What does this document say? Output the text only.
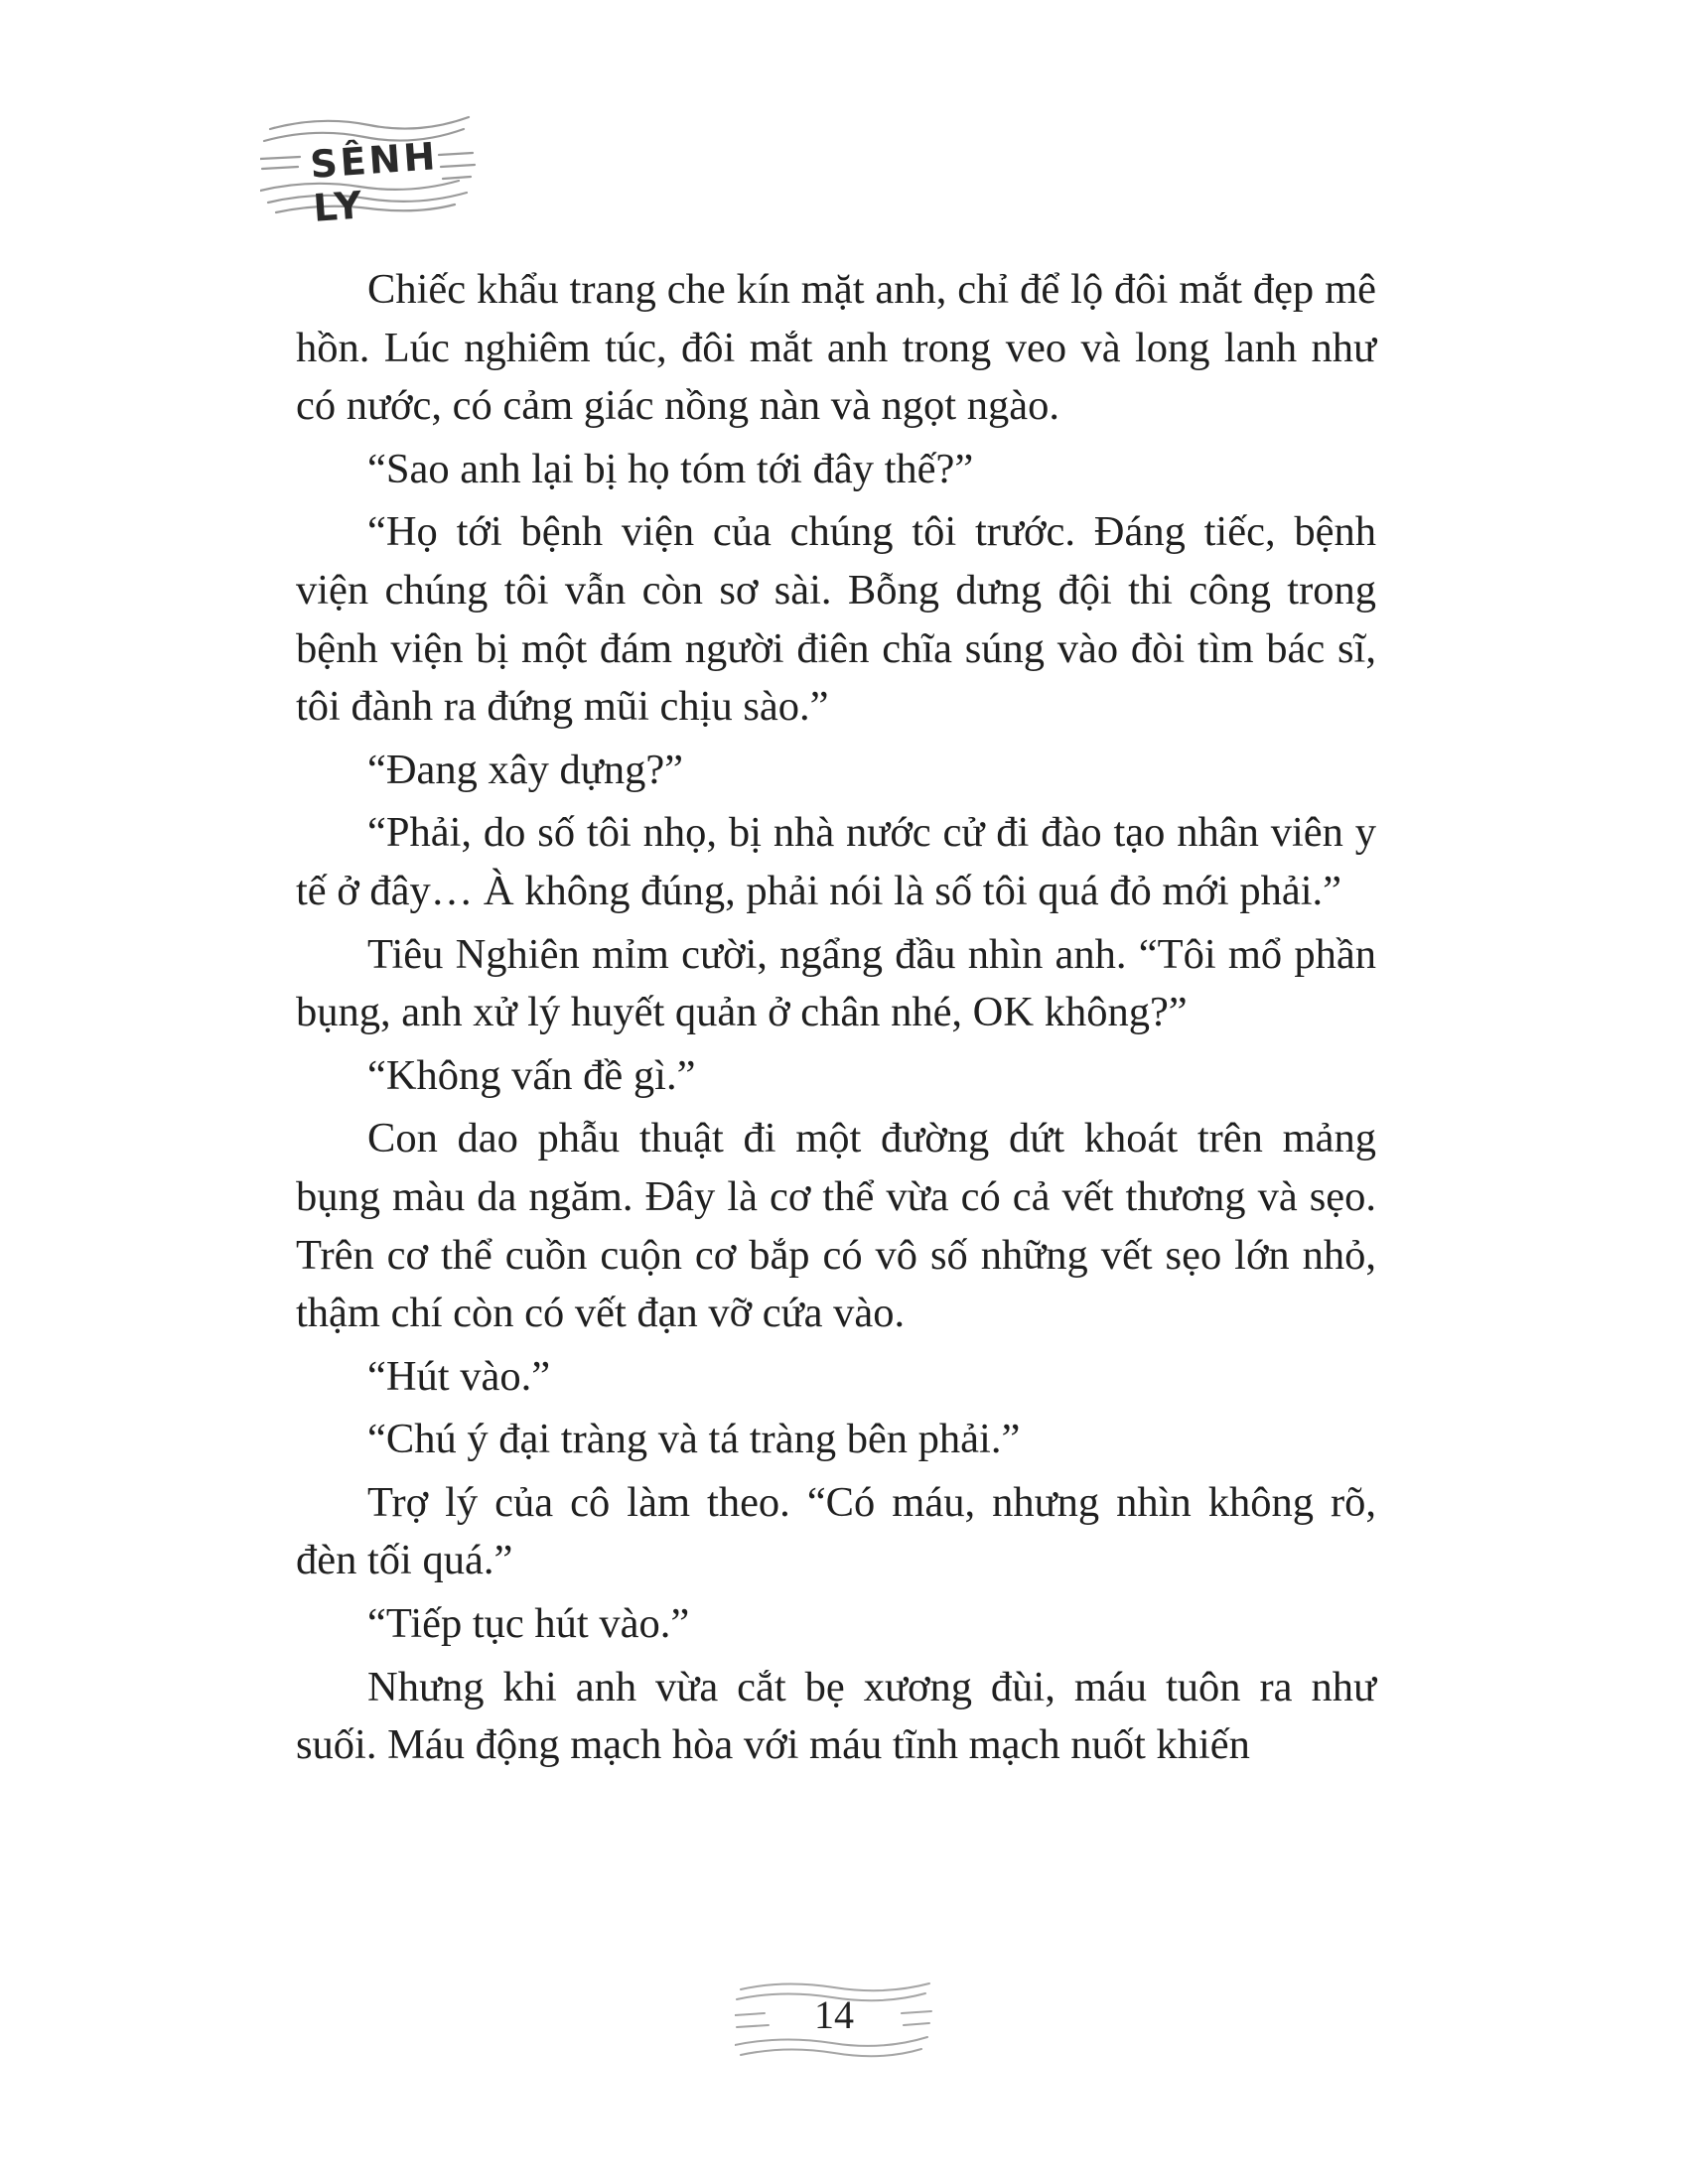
SÊNH LY

Chiếc khẩu trang che kín mặt anh, chỉ để lộ đôi mắt đẹp mê hồn. Lúc nghiêm túc, đôi mắt anh trong veo và long lanh như có nước, có cảm giác nồng nàn và ngọt ngào.

“Sao anh lại bị họ tóm tới đây thế?”

“Họ tới bệnh viện của chúng tôi trước. Đáng tiếc, bệnh viện chúng tôi vẫn còn sơ sài. Bỗng dưng đội thi công trong bệnh viện bị một đám người điên chĩa súng vào đòi tìm bác sĩ, tôi đành ra đứng mũi chịu sào.”

“Đang xây dựng?”

“Phải, do số tôi nhọ, bị nhà nước cử đi đào tạo nhân viên y tế ở đây… À không đúng, phải nói là số tôi quá đỏ mới phải.”

Tiêu Nghiên mỉm cười, ngẩng đầu nhìn anh. “Tôi mổ phần bụng, anh xử lý huyết quản ở chân nhé, OK không?”

“Không vấn đề gì.”

Con dao phẫu thuật đi một đường dứt khoát trên mảng bụng màu da ngăm. Đây là cơ thể vừa có cả vết thương và sẹo. Trên cơ thể cuồn cuộn cơ bắp có vô số những vết sẹo lớn nhỏ, thậm chí còn có vết đạn vỡ cứa vào.

“Hút vào.”

“Chú ý đại tràng và tá tràng bên phải.”

Trợ lý của cô làm theo. “Có máu, nhưng nhìn không rõ, đèn tối quá.”

“Tiếp tục hút vào.”

Nhưng khi anh vừa cắt bẹ xương đùi, máu tuôn ra như suối. Máu động mạch hòa với máu tĩnh mạch nuốt khiến

14
